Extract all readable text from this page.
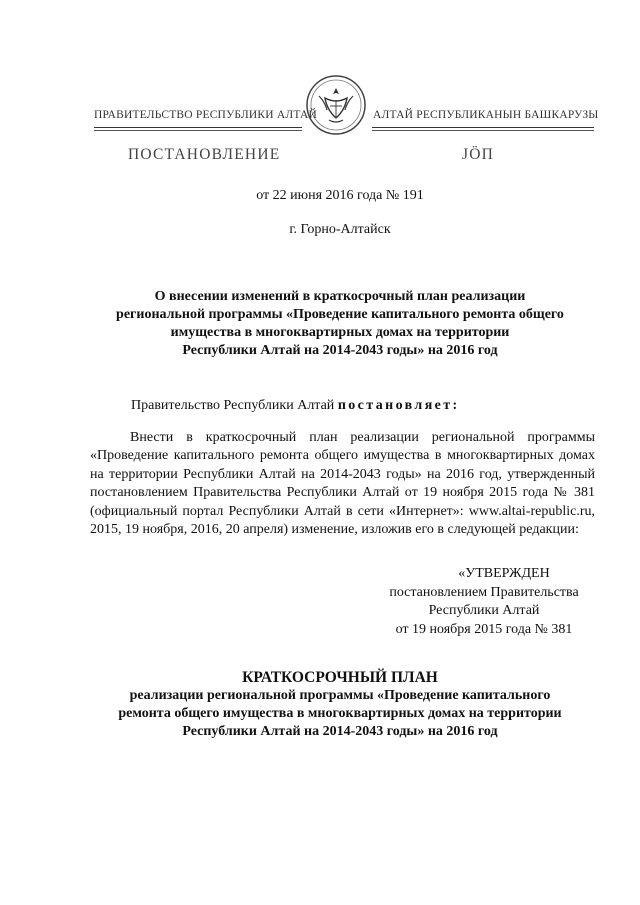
ПРАВИТЕЛЬСТВО РЕСПУБЛИКИ АЛТАЙ	АЛТАЙ РЕСПУБЛИКАНЫН БАШКАРУЗЫ
ПОСТАНОВЛЕНИЕ	JÖП
от 22 июня 2016 года № 191
г. Горно-Алтайск
О внесении изменений в краткосрочный план реализации
региональной программы «Проведение капитального ремонта общего
имущества в многоквартирных домах на территории
Республики Алтай на 2014-2043 годы» на 2016 год
Правительство Республики Алтай постановляет:

Внести в краткосрочный план реализации региональной программы «Проведение капитального ремонта общего имущества в многоквартирных домах на территории Республики Алтай на 2014-2043 годы» на 2016 год, утвержденный постановлением Правительства Республики Алтай от 19 ноября 2015 года № 381 (официальный портал Республики Алтай в сети «Интернет»: www.altai-republic.ru, 2015, 19 ноября, 2016, 20 апреля) изменение, изложив его в следующей редакции:

«УТВЕРЖДЕН
постановлением Правительства
Республики Алтай
от 19 ноября 2015 года № 381
КРАТКОСРОЧНЫЙ ПЛАН
реализации региональной программы «Проведение капитального
ремонта общего имущества в многоквартирных домах на территории
Республики Алтай на 2014-2043 годы» на 2016 год
